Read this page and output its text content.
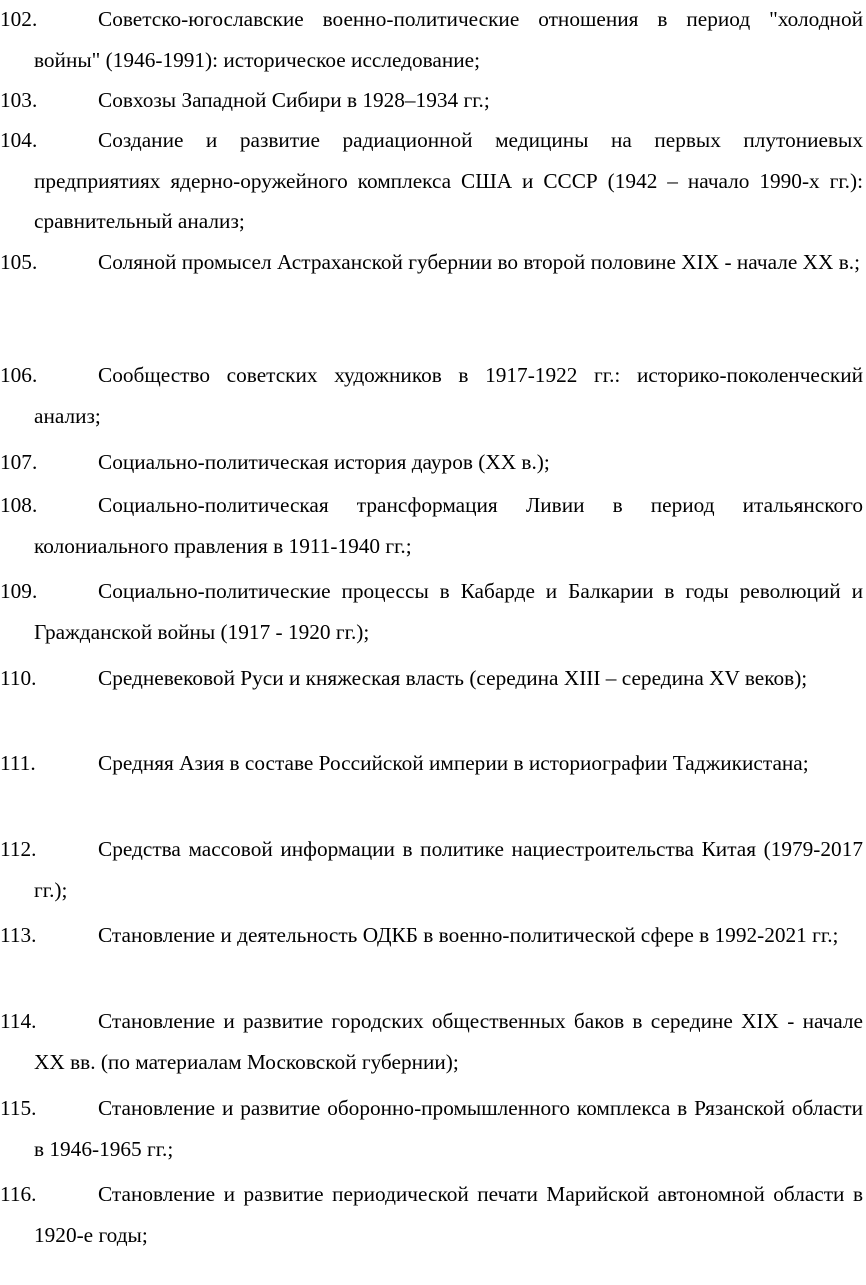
102.	Советско-югославские военно-политические отношения в период "холодной войны" (1946-1991): историческое исследование;
103.	Совхозы Западной Сибири в 1928–1934 гг.;
104.	Создание и развитие радиационной медицины на первых плутониевых предприятиях ядерно-оружейного комплекса США и СССР (1942 – начало 1990-х гг.): сравнительный анализ;
105.	Соляной промысел Астраханской губернии во второй половине XIX - начале XX в.;
106.	Сообщество советских художников в 1917-1922 гг.: историко-поколенческий анализ;
107.	Социально-политическая история дауров (XX в.);
108.	Социально-политическая трансформация Ливии в период итальянского колониального правления в 1911-1940 гг.;
109.	Социально-политические процессы в Кабарде и Балкарии в годы революций и Гражданской войны (1917 - 1920 гг.);
110.	Средневековой Руси и княжеская власть (середина XIII – середина XV веков);
111.	Средняя Азия в составе Российской империи в историографии Таджикистана;
112.	Средства массовой информации в политике нациестроительства Китая (1979-2017 гг.);
113.	Становление и деятельность ОДКБ в военно-политической сфере в 1992-2021 гг.;
114.	Становление и развитие городских общественных баков в середине XIX - начале XX вв. (по материалам Московской губернии);
115.	Становление и развитие оборонно-промышленного комплекса в Рязанской области в 1946-1965 гг.;
116.	Становление и развитие периодической печати Марийской автономной области в 1920-е годы;
